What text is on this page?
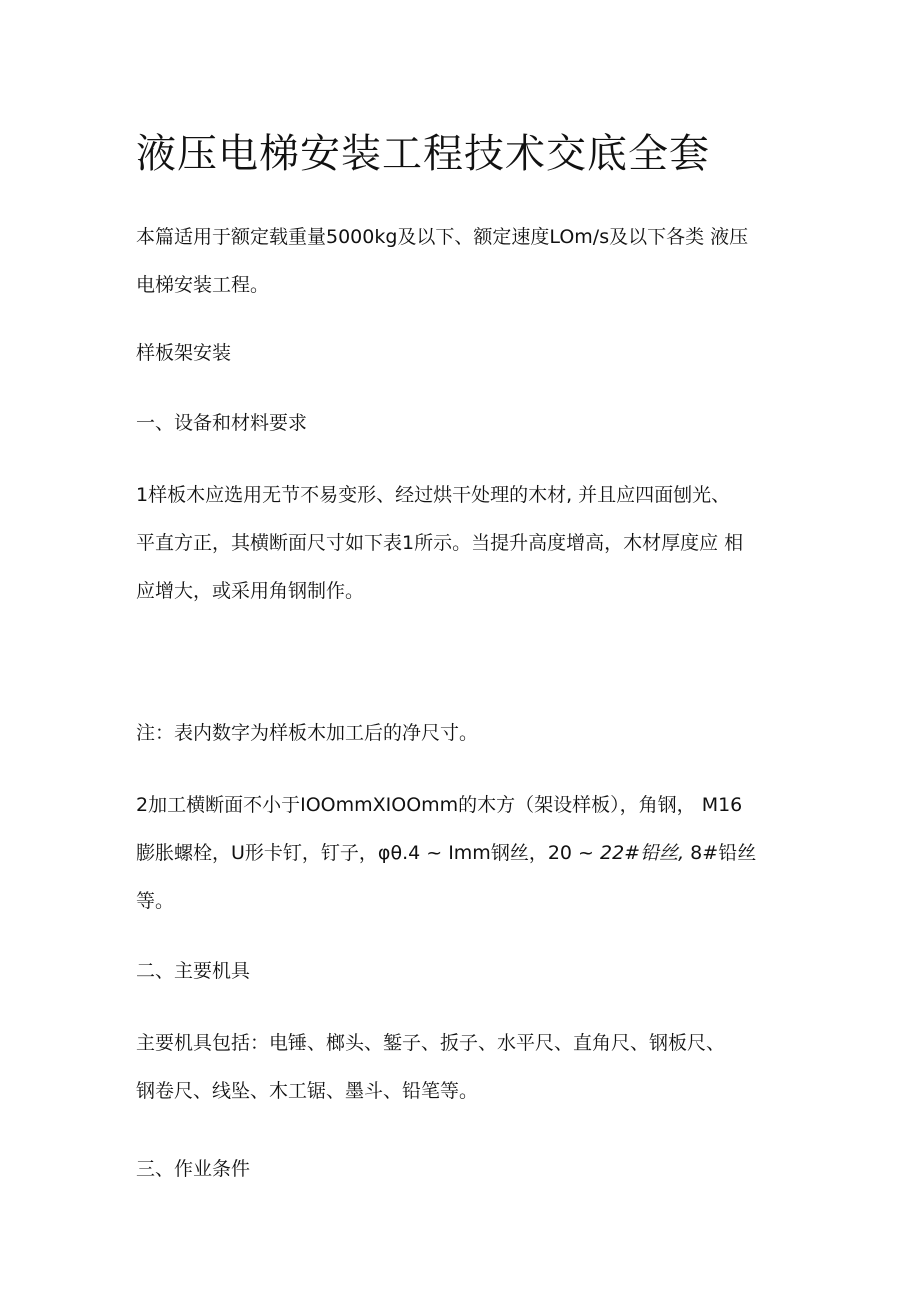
液压电梯安装工程技术交底全套

本篇适用于额定载重量5000kg及以下、额定速度LOm/s及以下各类 液压

电梯安装工程。

样板架安装

一、设备和材料要求

1样板木应选用无节不易变形、经过烘干处理的木材, 并且应四面刨光、

平直方正，其横断面尺寸如下表1所示。当提升高度增高，木材厚度应 相

应增大，或采用角钢制作。

注：表内数字为样板木加工后的净尺寸。

2加工横断面不小于IOOmmXIOOmm的木方（架设样板），角钢， M16

膨胀螺栓，U形卡钉，钉子，φθ.4 ~ Imm钢丝，20 ~ 22#铅丝, 8#铅丝

等。

二、主要机具

主要机具包括：电锤、榔头、錾子、扳子、水平尺、直角尺、钢板尺、

钢卷尺、线坠、木工锯、墨斗、铅笔等。

三、作业条件
